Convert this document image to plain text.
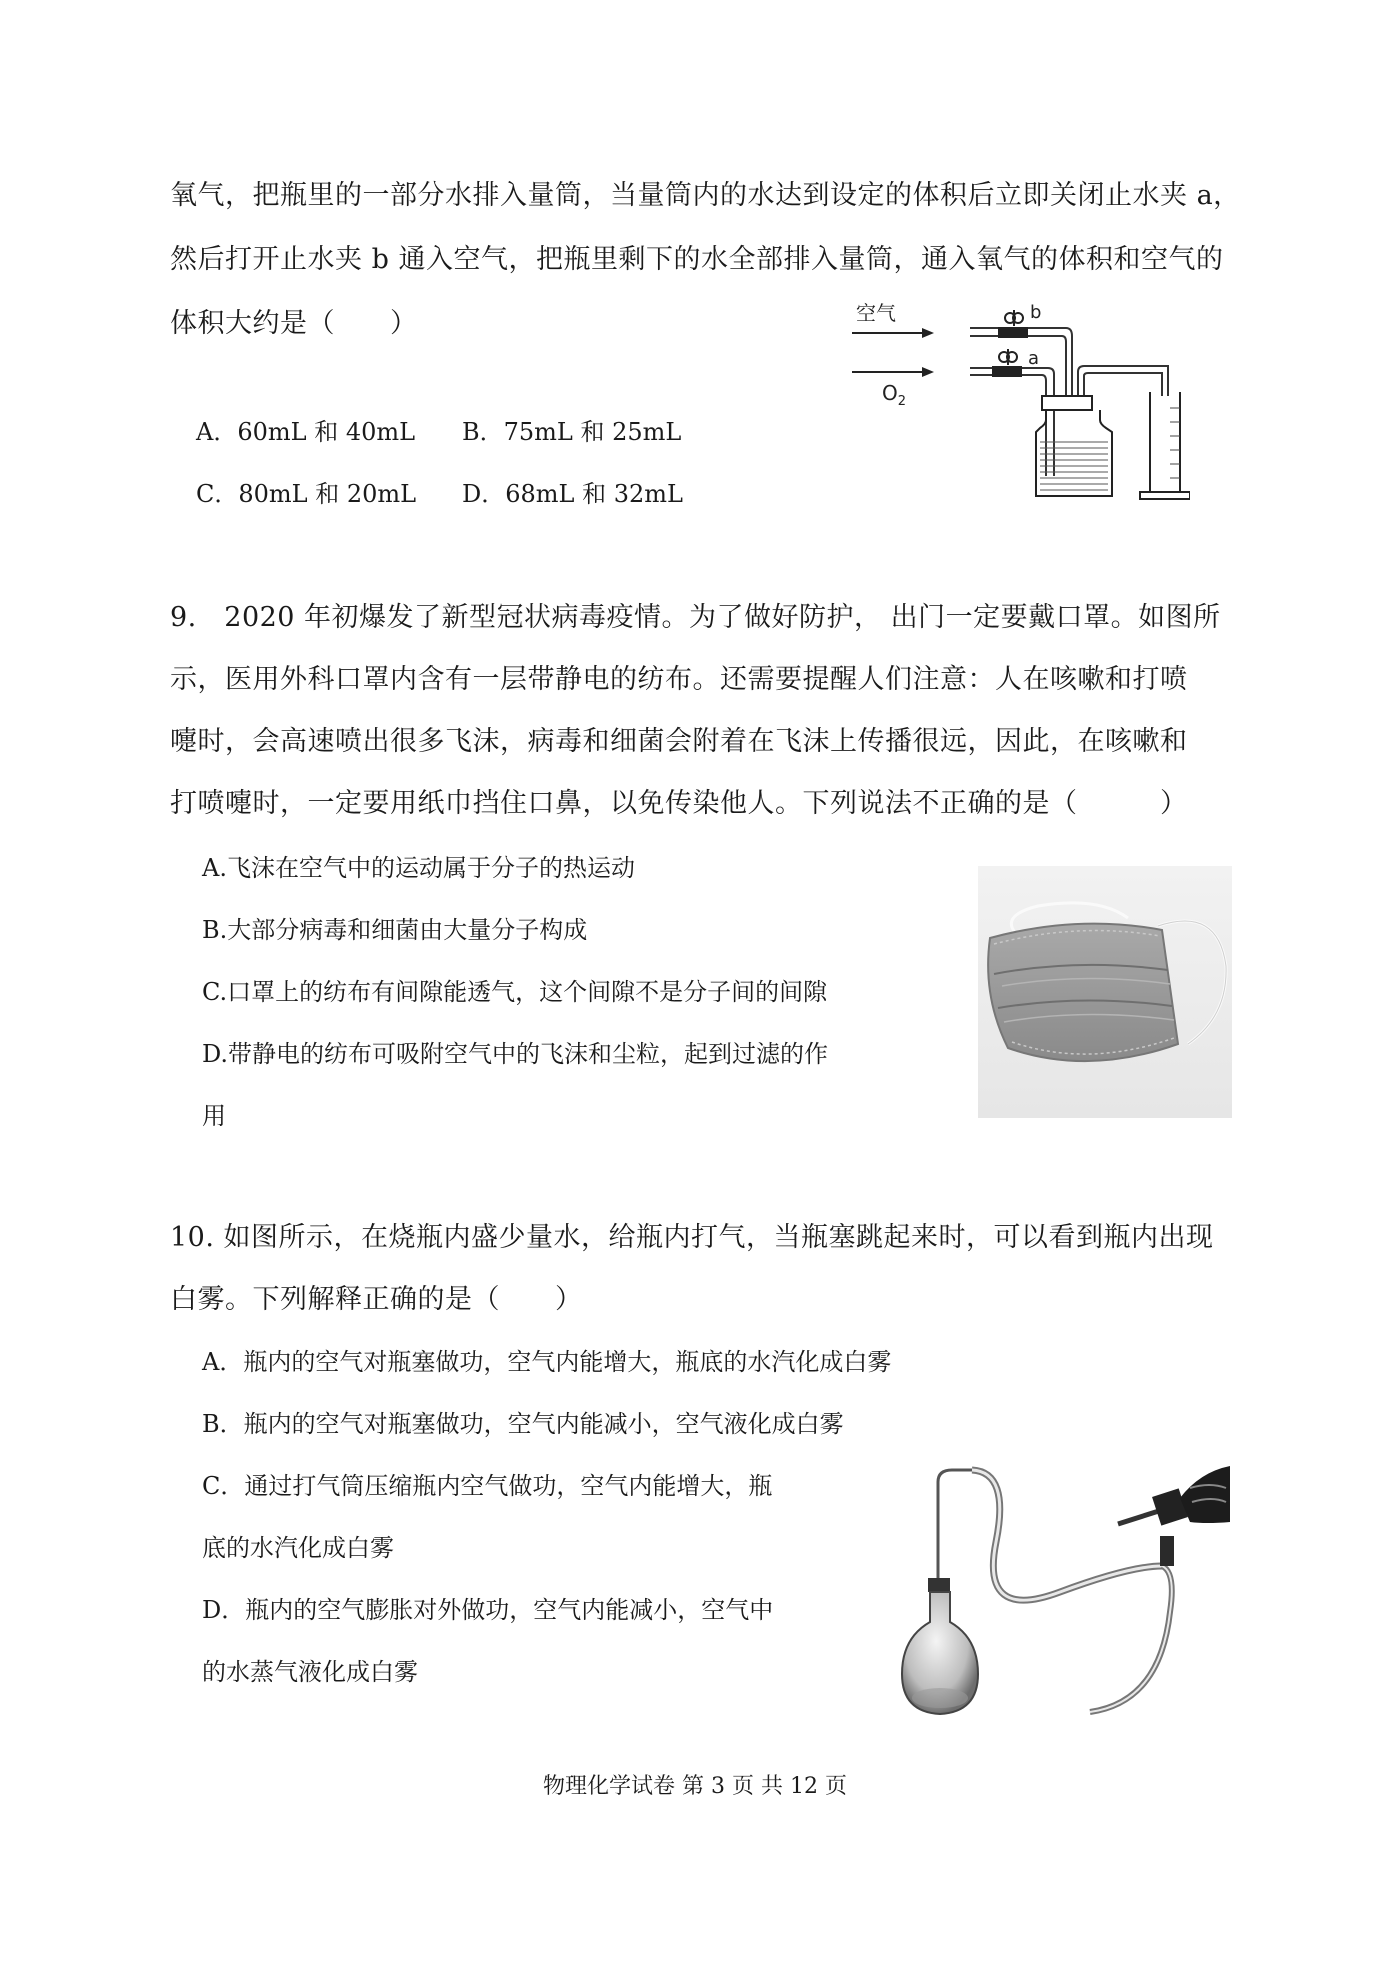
氧气，把瓶里的一部分水排入量筒，当量筒内的水达到设定的体积后立即关闭止水夹 a，
然后打开止水夹 b 通入空气，把瓶里剩下的水全部排入量筒，通入氧气的体积和空气的
体积大约是（　　）
A．60mL 和 40mL B．75mL 和 25mL
C．80mL 和 20mL D．68mL 和 32mL
空气
$O_2$
b
a
9.　2020 年初爆发了新型冠状病毒疫情。为了做好防护， 出门一定要戴口罩。如图所
示，医用外科口罩内含有一层带静电的纺布。还需要提醒人们注意：人在咳嗽和打喷
嚏时，会高速喷出很多飞沫，病毒和细菌会附着在飞沫上传播很远，因此，在咳嗽和
打喷嚏时，一定要用纸巾挡住口鼻，以免传染他人。下列说法不正确的是（　　　）
A.飞沫在空气中的运动属于分子的热运动
B.大部分病毒和细菌由大量分子构成
C.口罩上的纺布有间隙能透气，这个间隙不是分子间的间隙
D.带静电的纺布可吸附空气中的飞沫和尘粒，起到过滤的作
用
10. 如图所示，在烧瓶内盛少量水，给瓶内打气，当瓶塞跳起来时，可以看到瓶内出现
白雾。下列解释正确的是（　　）
A．瓶内的空气对瓶塞做功，空气内能增大，瓶底的水汽化成白雾
B．瓶内的空气对瓶塞做功，空气内能减小，空气液化成白雾
C．通过打气筒压缩瓶内空气做功，空气内能增大，瓶
底的水汽化成白雾
D．瓶内的空气膨胀对外做功，空气内能减小，空气中
的水蒸气液化成白雾
物理化学试卷 第 3 页 共 12 页
